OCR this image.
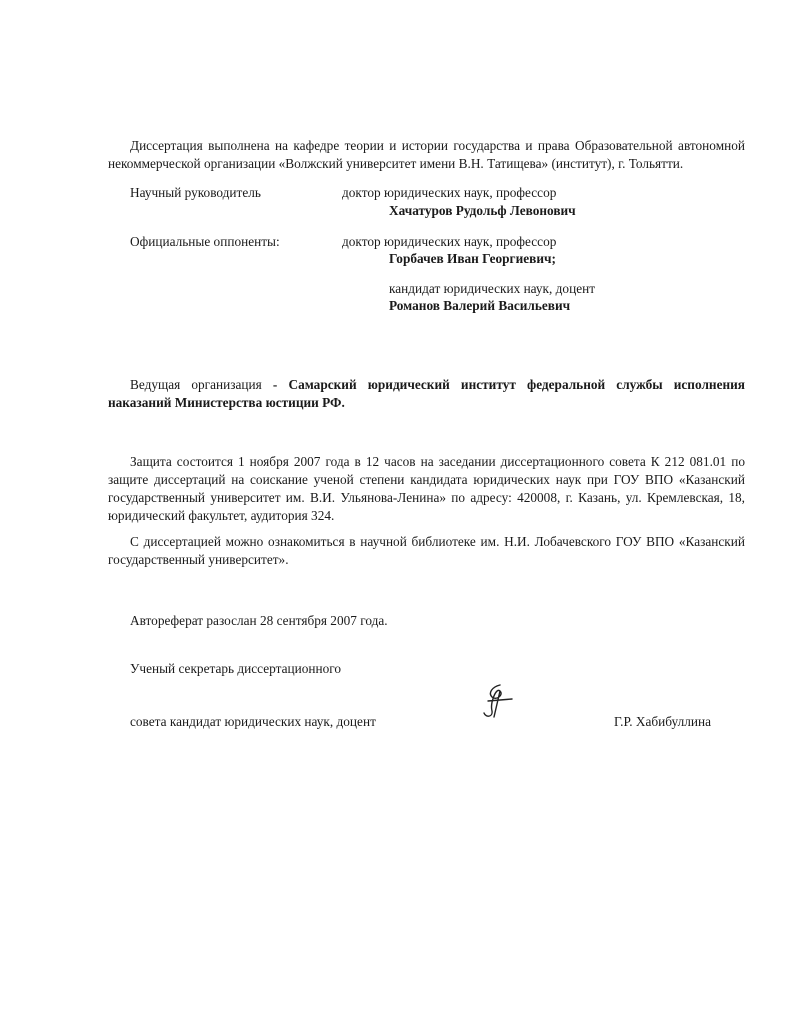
Диссертация выполнена на кафедре теории и истории государства и права Образовательной автономной некоммерческой организации «Волжский университет имени В.Н. Татищева» (институт), г. Тольятти.
Научный руководитель	доктор юридических наук, профессор
Хачатуров Рудольф Левонович
Официальные оппоненты:	доктор юридических наук, профессор
Горбачев Иван Георгиевич;
кандидат юридических наук, доцент
Романов Валерий Васильевич
Ведущая организация - Самарский юридический институт федеральной службы исполнения наказаний Министерства юстиции РФ.
Защита состоится 1 ноября 2007 года в 12 часов на заседании диссертационного совета К 212 081.01 по защите диссертаций на соискание ученой степени кандидата юридических наук при ГОУ ВПО «Казанский государственный университет им. В.И. Ульянова-Ленина» по адресу: 420008, г. Казань, ул. Кремлевская, 18, юридический факультет, аудитория 324.
С диссертацией можно ознакомиться в научной библиотеке им. Н.И. Лобачевского ГОУ ВПО «Казанский государственный университет».
Автореферат разослан 28 сентября 2007 года.
Ученый секретарь диссертационного
совета кандидат юридических наук, доцент	Г.Р. Хабибуллина
